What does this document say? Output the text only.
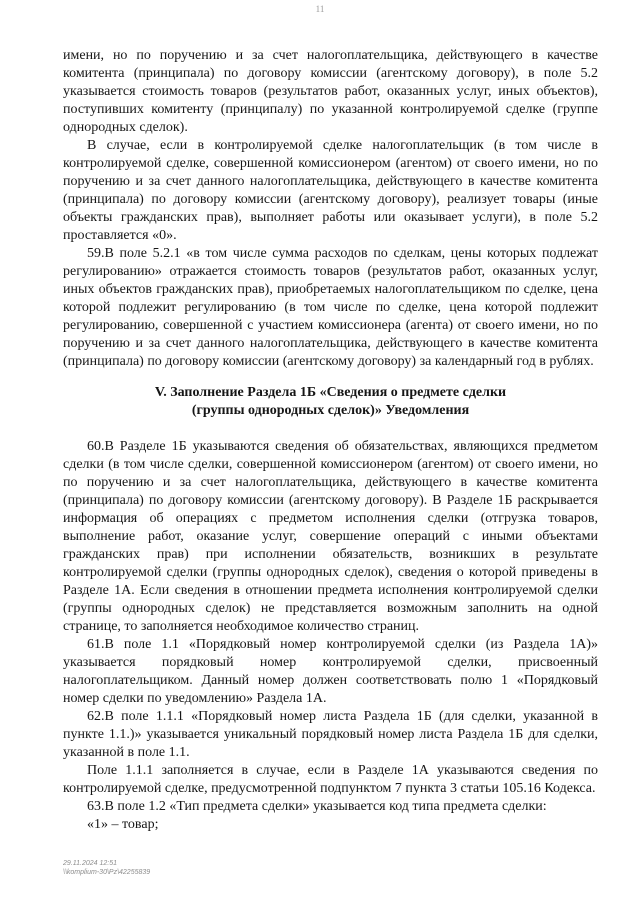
11

имени, но по поручению и за счет налогоплательщика, действующего в качестве комитента (принципала) по договору комиссии (агентскому договору), в поле 5.2 указывается стоимость товаров (результатов работ, оказанных услуг, иных объектов), поступивших комитенту (принципалу) по указанной контролируемой сделке (группе однородных сделок).

В случае, если в контролируемой сделке налогоплательщик (в том числе в контролируемой сделке, совершенной комиссионером (агентом) от своего имени, но по поручению и за счет данного налогоплательщика, действующего в качестве комитента (принципала) по договору комиссии (агентскому договору), реализует товары (иные объекты гражданских прав), выполняет работы или оказывает услуги), в поле 5.2 проставляется «0».

59.В поле 5.2.1 «в том числе сумма расходов по сделкам, цены которых подлежат регулированию» отражается стоимость товаров (результатов работ, оказанных услуг, иных объектов гражданских прав), приобретаемых налогоплательщиком по сделке, цена которой подлежит регулированию (в том числе по сделке, цена которой подлежит регулированию, совершенной с участием комиссионера (агента) от своего имени, но по поручению и за счет данного налогоплательщика, действующего в качестве комитента (принципала) по договору комиссии (агентскому договору) за календарный год в рублях.

V. Заполнение Раздела 1Б «Сведения о предмете сделки
(группы однородных сделок)» Уведомления

60.В Разделе 1Б указываются сведения об обязательствах, являющихся предметом сделки (в том числе сделки, совершенной комиссионером (агентом) от своего имени, но по поручению и за счет налогоплательщика, действующего в качестве комитента (принципала) по договору комиссии (агентскому договору). В Разделе 1Б раскрывается информация об операциях с предметом исполнения сделки (отгрузка товаров, выполнение работ, оказание услуг, совершение операций с иными объектами гражданских прав) при исполнении обязательств, возникших в результате контролируемой сделки (группы однородных сделок), сведения о которой приведены в Разделе 1А. Если сведения в отношении предмета исполнения контролируемой сделки (группы однородных сделок) не представляется возможным заполнить на одной странице, то заполняется необходимое количество страниц.

61.В поле 1.1 «Порядковый номер контролируемой сделки (из Раздела 1А)» указывается порядковый номер контролируемой сделки, присвоенный налогоплательщиком. Данный номер должен соответствовать полю 1 «Порядковый номер сделки по уведомлению» Раздела 1А.

62.В поле 1.1.1 «Порядковый номер листа Раздела 1Б (для сделки, указанной в пункте 1.1.)» указывается уникальный порядковый номер листа Раздела 1Б для сделки, указанной в поле 1.1.

Поле 1.1.1 заполняется в случае, если в Разделе 1А указываются сведения по контролируемой сделке, предусмотренной подпунктом 7 пункта 3 статьи 105.16 Кодекса.

63.В поле 1.2 «Тип предмета сделки» указывается код типа предмета сделки:

«1» – товар;

29.11.2024 12:51
\\komplium-30\Pz\42255839
